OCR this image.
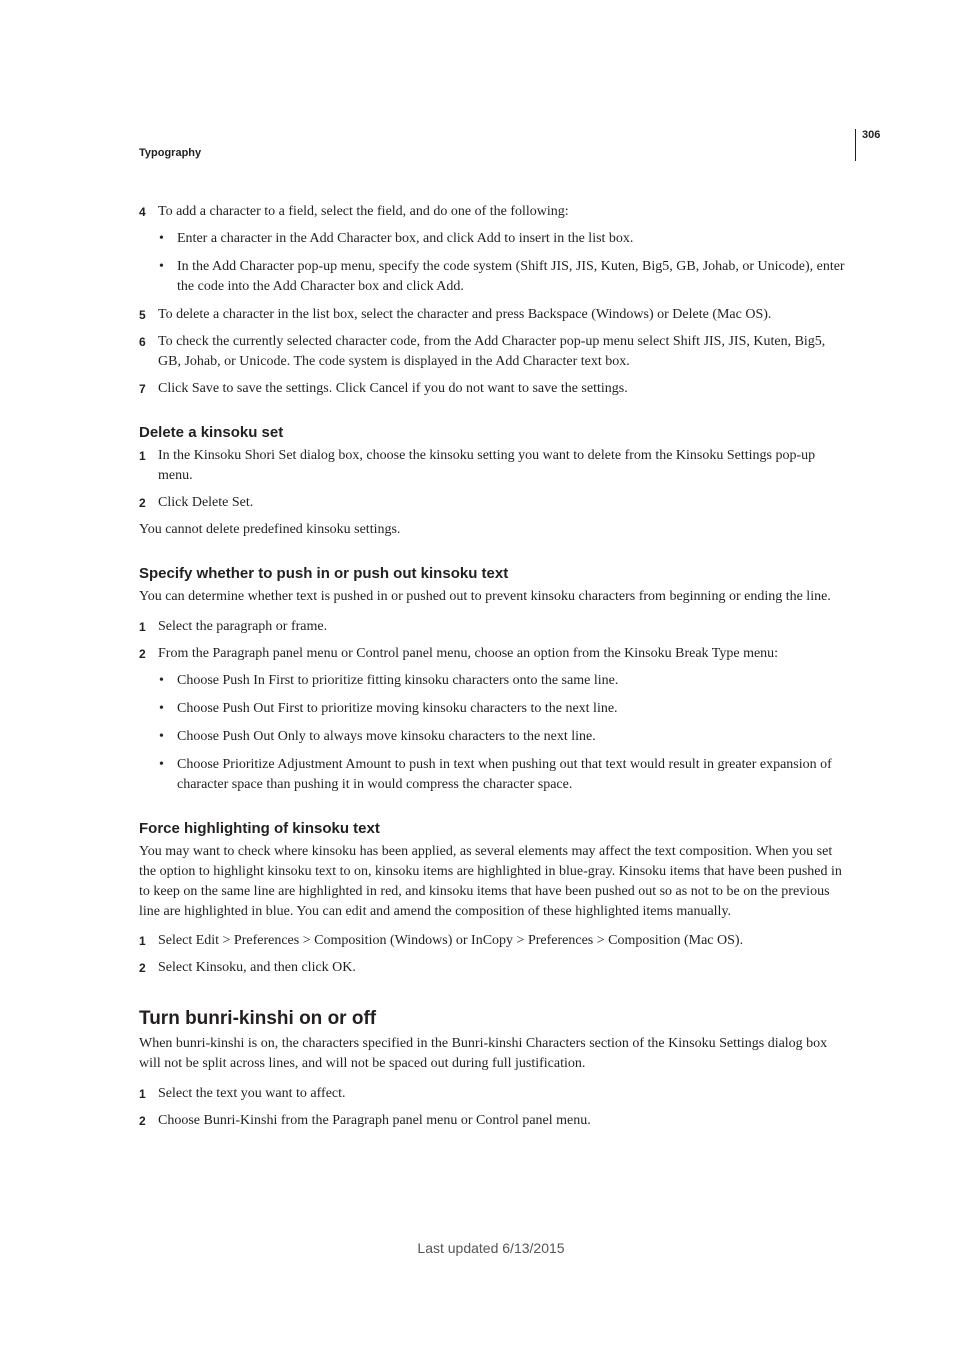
Typography
306
4 To add a character to a field, select the field, and do one of the following:
• Enter a character in the Add Character box, and click Add to insert in the list box.
• In the Add Character pop-up menu, specify the code system (Shift JIS, JIS, Kuten, Big5, GB, Johab, or Unicode), enter the code into the Add Character box and click Add.
5 To delete a character in the list box, select the character and press Backspace (Windows) or Delete (Mac OS).
6 To check the currently selected character code, from the Add Character pop-up menu select Shift JIS, JIS, Kuten, Big5, GB, Johab, or Unicode. The code system is displayed in the Add Character text box.
7 Click Save to save the settings. Click Cancel if you do not want to save the settings.
Delete a kinsoku set
1 In the Kinsoku Shori Set dialog box, choose the kinsoku setting you want to delete from the Kinsoku Settings pop-up menu.
2 Click Delete Set.
You cannot delete predefined kinsoku settings.
Specify whether to push in or push out kinsoku text
You can determine whether text is pushed in or pushed out to prevent kinsoku characters from beginning or ending the line.
1 Select the paragraph or frame.
2 From the Paragraph panel menu or Control panel menu, choose an option from the Kinsoku Break Type menu:
• Choose Push In First to prioritize fitting kinsoku characters onto the same line.
• Choose Push Out First to prioritize moving kinsoku characters to the next line.
• Choose Push Out Only to always move kinsoku characters to the next line.
• Choose Prioritize Adjustment Amount to push in text when pushing out that text would result in greater expansion of character space than pushing it in would compress the character space.
Force highlighting of kinsoku text
You may want to check where kinsoku has been applied, as several elements may affect the text composition. When you set the option to highlight kinsoku text to on, kinsoku items are highlighted in blue-gray. Kinsoku items that have been pushed in to keep on the same line are highlighted in red, and kinsoku items that have been pushed out so as not to be on the previous line are highlighted in blue. You can edit and amend the composition of these highlighted items manually.
1 Select Edit > Preferences > Composition (Windows) or InCopy > Preferences > Composition (Mac OS).
2 Select Kinsoku, and then click OK.
Turn bunri-kinshi on or off
When bunri-kinshi is on, the characters specified in the Bunri-kinshi Characters section of the Kinsoku Settings dialog box will not be split across lines, and will not be spaced out during full justification.
1 Select the text you want to affect.
2 Choose Bunri-Kinshi from the Paragraph panel menu or Control panel menu.
Last updated 6/13/2015
